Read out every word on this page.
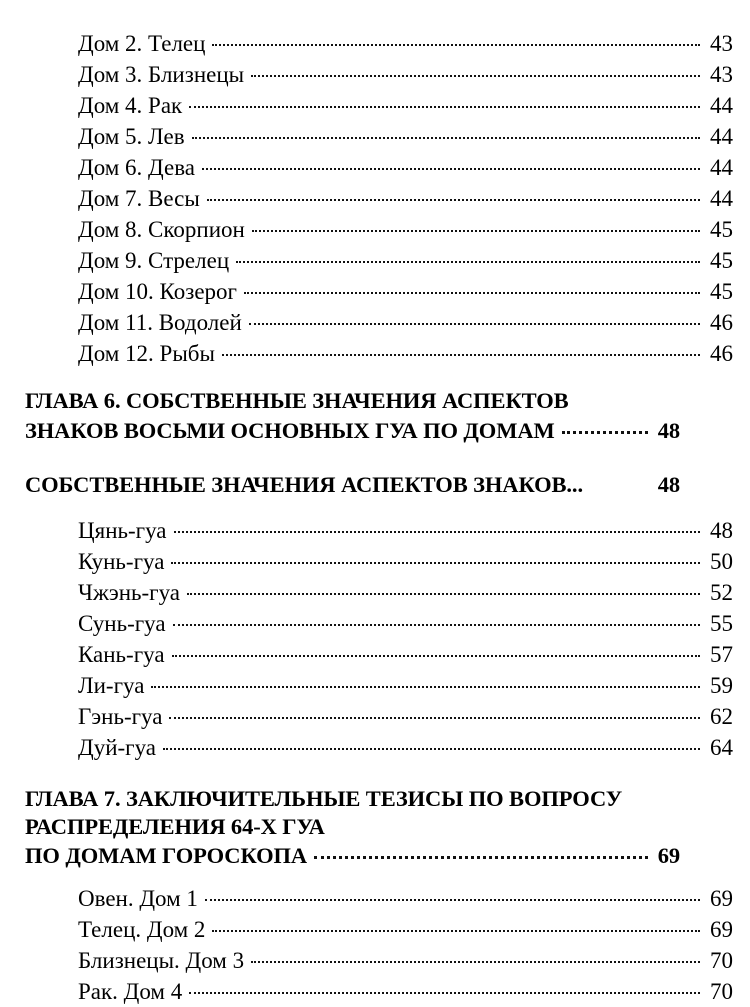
Дом 2. Телец	43
Дом 3. Близнецы	43
Дом 4. Рак	44
Дом 5. Лев	44
Дом 6. Дева	44
Дом 7. Весы	44
Дом 8. Скорпион	45
Дом 9. Стрелец	45
Дом 10. Козерог	45
Дом 11. Водолей	46
Дом 12. Рыбы	46
ГЛАВА 6. СОБСТВЕННЫЕ ЗНАЧЕНИЯ АСПЕКТОВ
ЗНАКОВ ВОСЬМИ ОСНОВНЫХ ГУА ПО ДОМАМ	48
СОБСТВЕННЫЕ ЗНАЧЕНИЯ АСПЕКТОВ ЗНАКОВ...	48
Цянь-гуа	48
Кунь-гуа	50
Чжэнь-гуа	52
Сунь-гуа	55
Кань-гуа	57
Ли-гуа	59
Гэнь-гуа	62
Дуй-гуа	64
ГЛАВА 7. ЗАКЛЮЧИТЕЛЬНЫЕ ТЕЗИСЫ ПО ВОПРОСУ
РАСПРЕДЕЛЕНИЯ 64-Х ГУА
ПО ДОМАМ ГОРОСКОПА	69
Овен. Дом 1	69
Телец. Дом 2	69
Близнецы. Дом 3	70
Рак. Дом 4	70
